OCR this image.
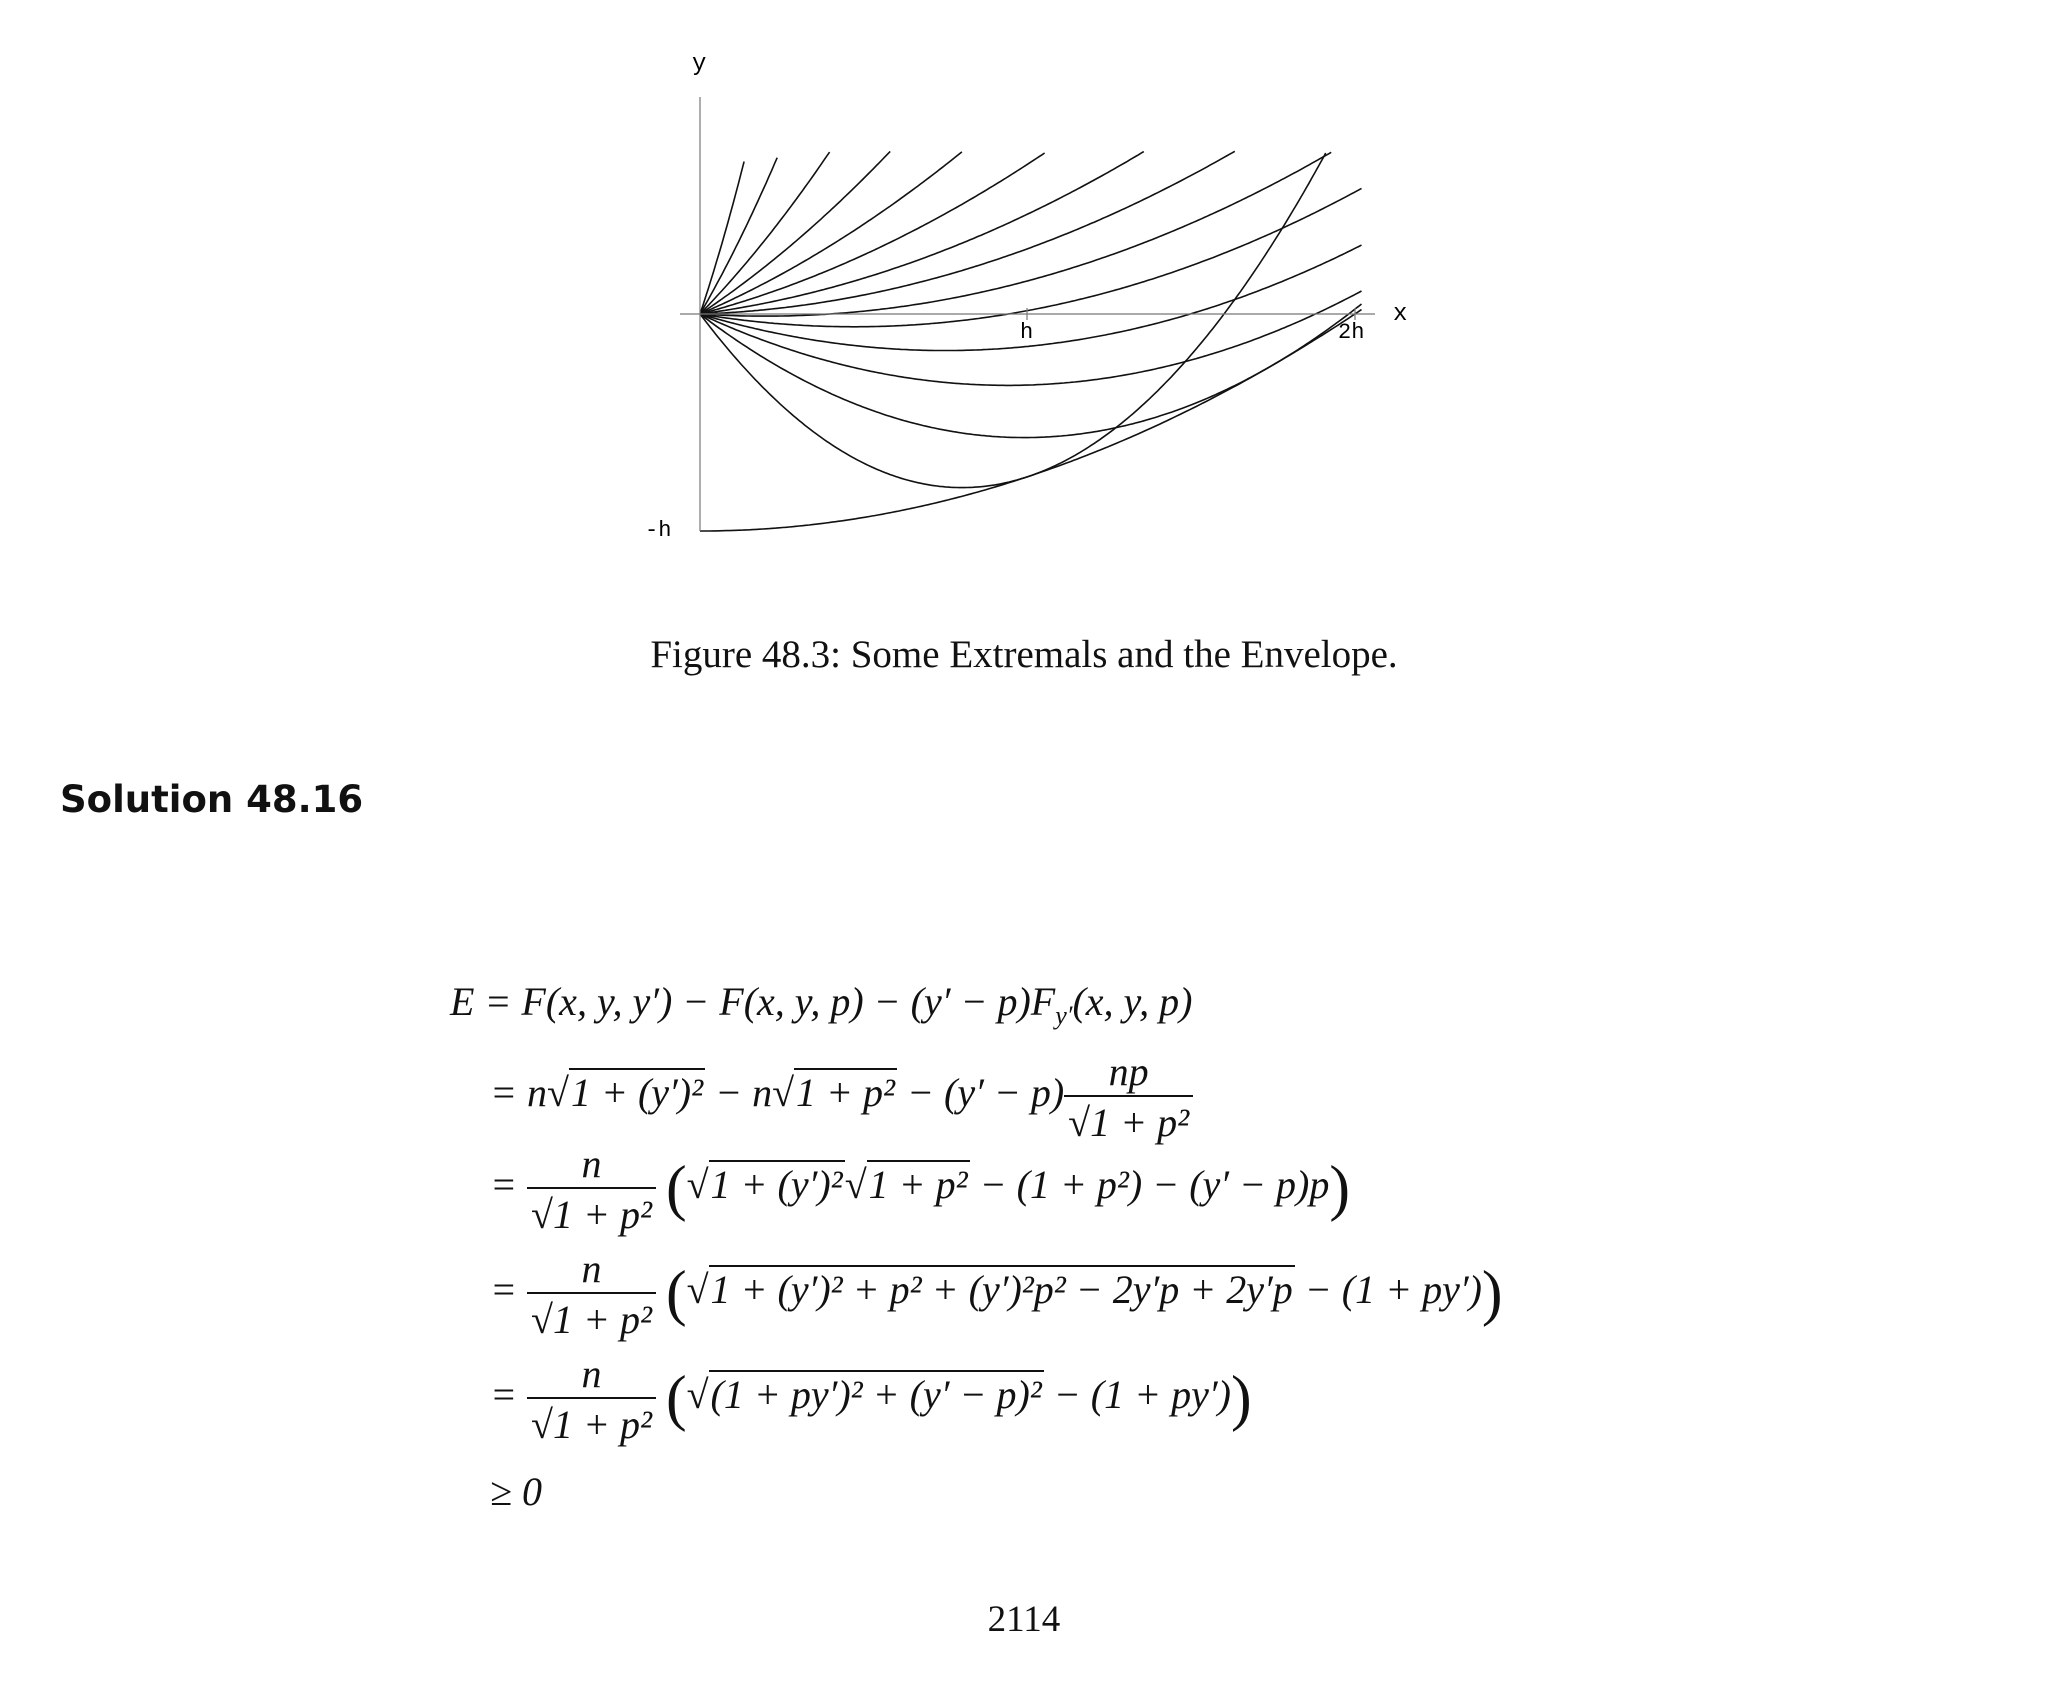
y
x
h	2h
-h
Figure 48.3: Some Extremals and the Envelope.
Solution 48.16
E = F(x, y, y′) − F(x, y, $p) - (y' - p)F_{y'}(x$, y, p)
= $n√1 + (y')^2 - n√1 + p^2 - (y' - p) \frac{np}{\text{√1 + p²}}$
= $\frac{n}{\text{√1 + p²}} (√1 + (y')^2√1 + p^2 - (1 + p^2) - (y' - p)p)$
= $\frac{n}{\text{√1 + p²}} (√1 + (y')^2 + p^2 + (y')^2p^2 - 2y'p + 2y'p - (1 + py'))$
= $\frac{n}{\text{√1 + p²}} (√(1 + py')^2 + (y' - p)^2 - (1 + py'))$
≥ 0
2114
